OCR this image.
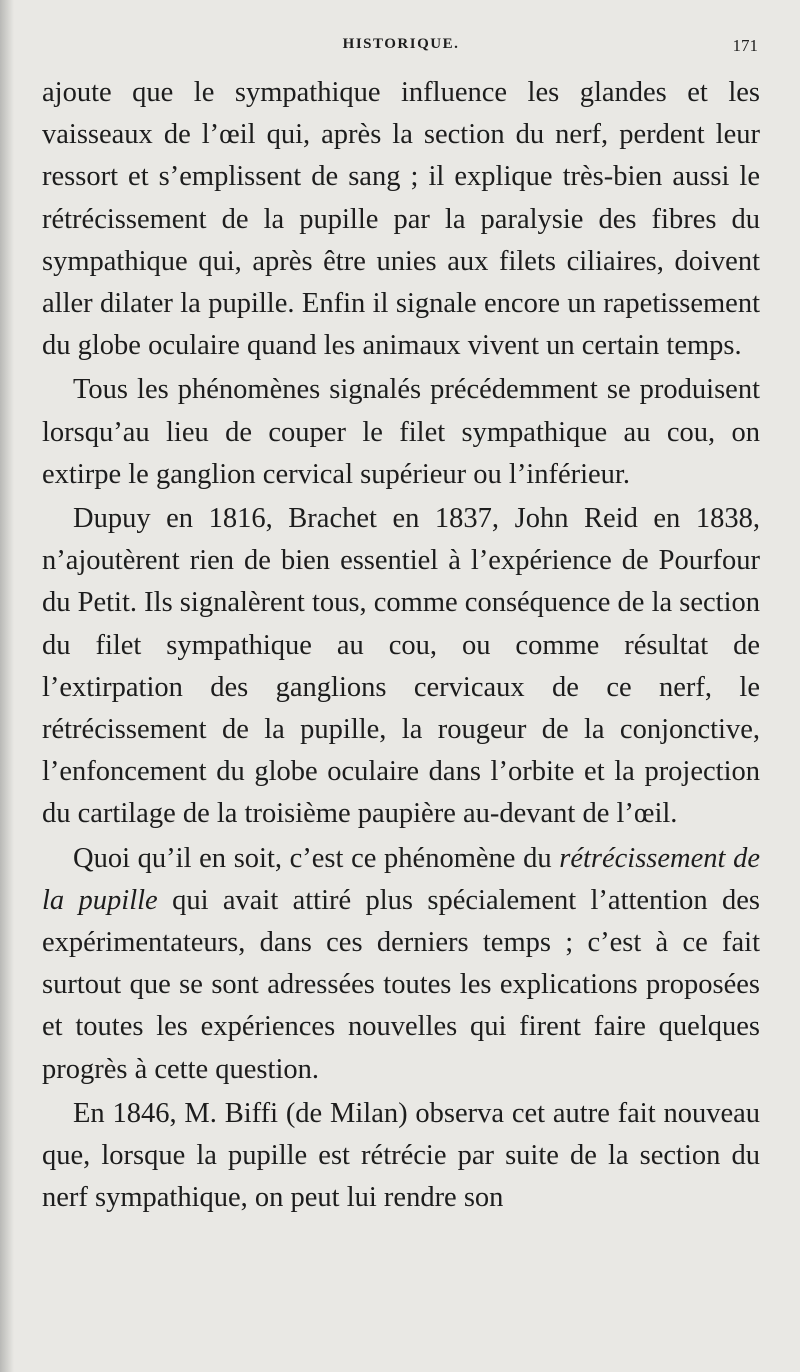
HISTORIQUE.	171

ajoute que le sympathique influence les glandes et les vaisseaux de l’œil qui, après la section du nerf, perdent leur ressort et s’emplissent de sang ; il explique très-bien aussi le rétrécissement de la pupille par la paralysie des fibres du sympathique qui, après être unies aux filets ciliaires, doivent aller dilater la pupille. Enfin il signale encore un rapetissement du globe oculaire quand les animaux vivent un certain temps.

Tous les phénomènes signalés précédemment se produisent lorsqu’au lieu de couper le filet sympathique au cou, on extirpe le ganglion cervical supérieur ou l’inférieur.

Dupuy en 1816, Brachet en 1837, John Reid en 1838, n’ajoutèrent rien de bien essentiel à l’expérience de Pourfour du Petit. Ils signalèrent tous, comme conséquence de la section du filet sympathique au cou, ou comme résultat de l’extirpation des ganglions cervicaux de ce nerf, le rétrécissement de la pupille, la rougeur de la conjonctive, l’enfoncement du globe oculaire dans l’orbite et la projection du cartilage de la troisième paupière au-devant de l’œil.

Quoi qu’il en soit, c’est ce phénomène du rétrécissement de la pupille qui avait attiré plus spécialement l’attention des expérimentateurs, dans ces derniers temps ; c’est à ce fait surtout que se sont adressées toutes les explications proposées et toutes les expériences nouvelles qui firent faire quelques progrès à cette question.

En 1846, M. Biffi (de Milan) observa cet autre fait nouveau que, lorsque la pupille est rétrécie par suite de la section du nerf sympathique, on peut lui rendre son
